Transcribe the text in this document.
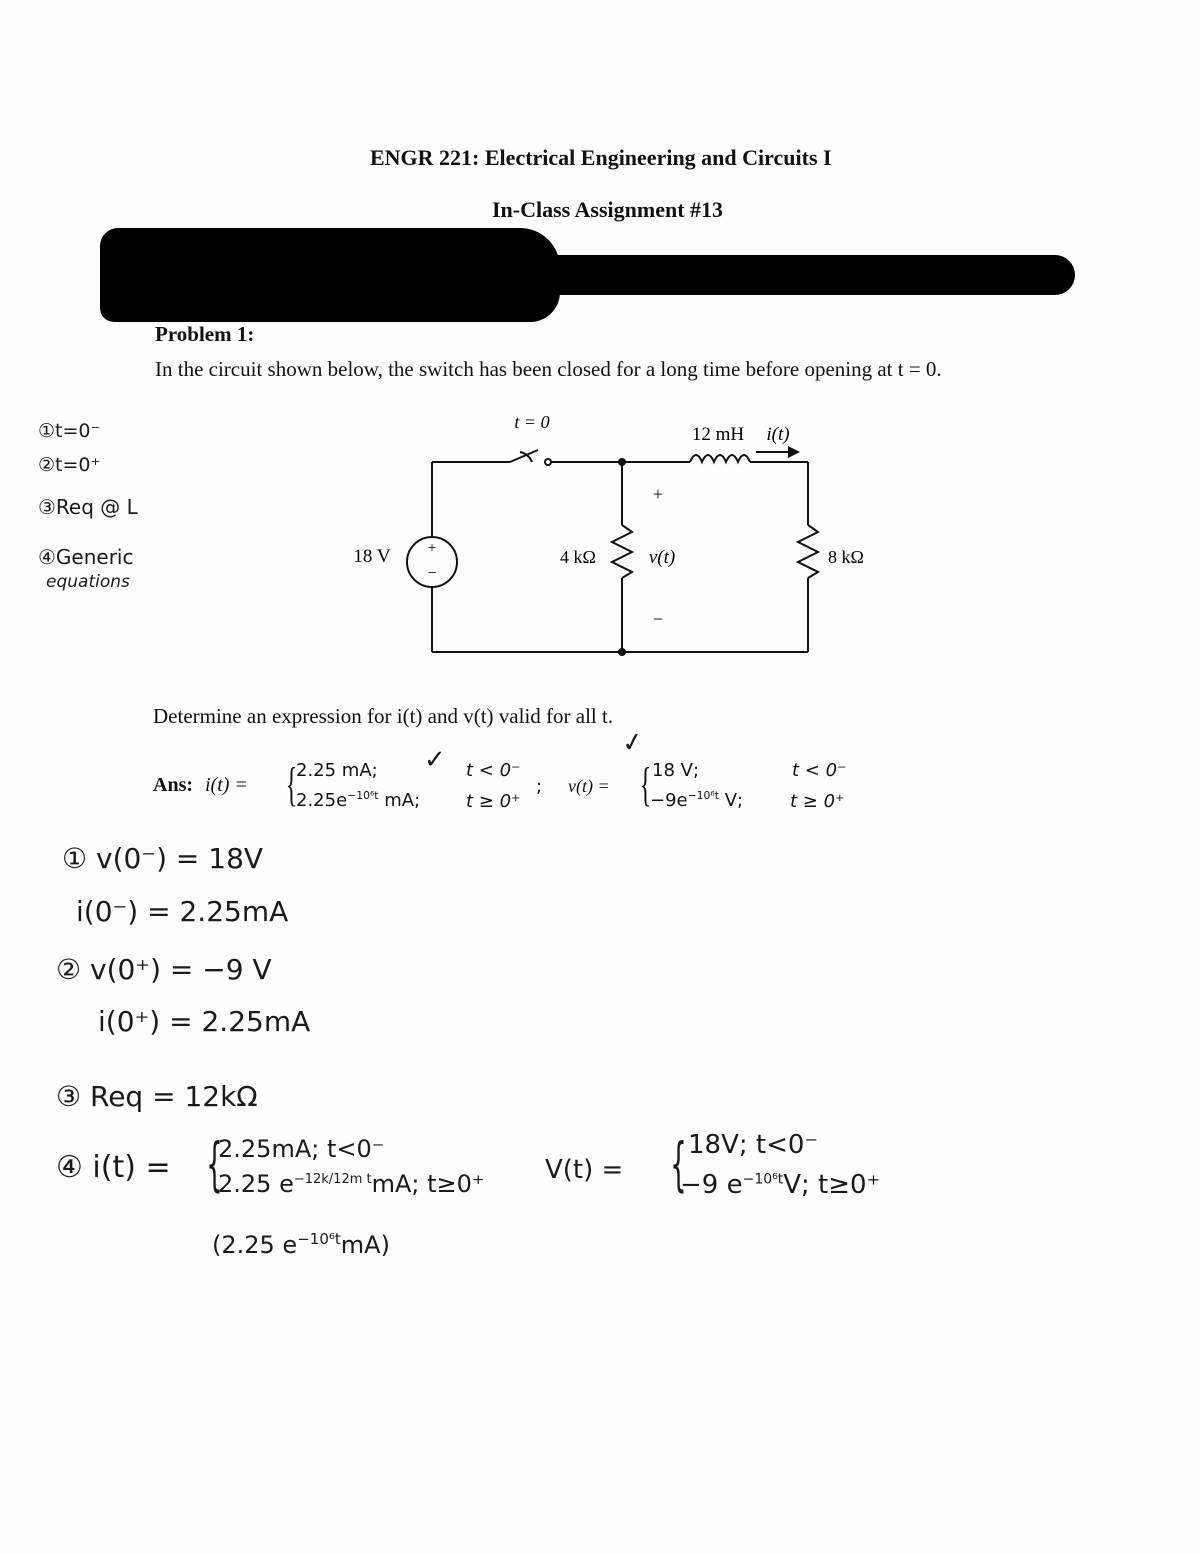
ENGR 221: Electrical Engineering and Circuits I
In-Class Assignment #13
Problem 1:
In the circuit shown below, the switch has been closed for a long time before opening at t = 0.
①t=0⁻
②t=0⁺
③Req @ L
④Generic
equations
+
−
18 V
t = 0
12 mH i(t)
4 kΩ
+
v(t)
−
8 kΩ
Determine an expression for i(t) and v(t) valid for all t.
Ans: i(t) = {
2.25 mA;	t < 0⁻
$2.25e^{-10^6t}$ mA;	t ≥ 0⁺
; v(t) = { 18 V;	t < 0⁻
$-9e^{-10^6t}$ V;	t ≥ 0⁺
✓
✓
① v(0⁻) = 18V
i(0⁻) = 2.25mA
② v(0⁺) = −9 V
i(0⁺) = 2.25mA
③ Req = 12kΩ
④ i(t) = {
2.25mA; t<0⁻
2.25 $e^{-12k/12m t}mA$; t≥0⁺
(2.25 $e^{-10^6t}mA$)
V(t) = { 18V; t<0⁻
−9 $e^{-10^6t}V$; t≥0⁺
